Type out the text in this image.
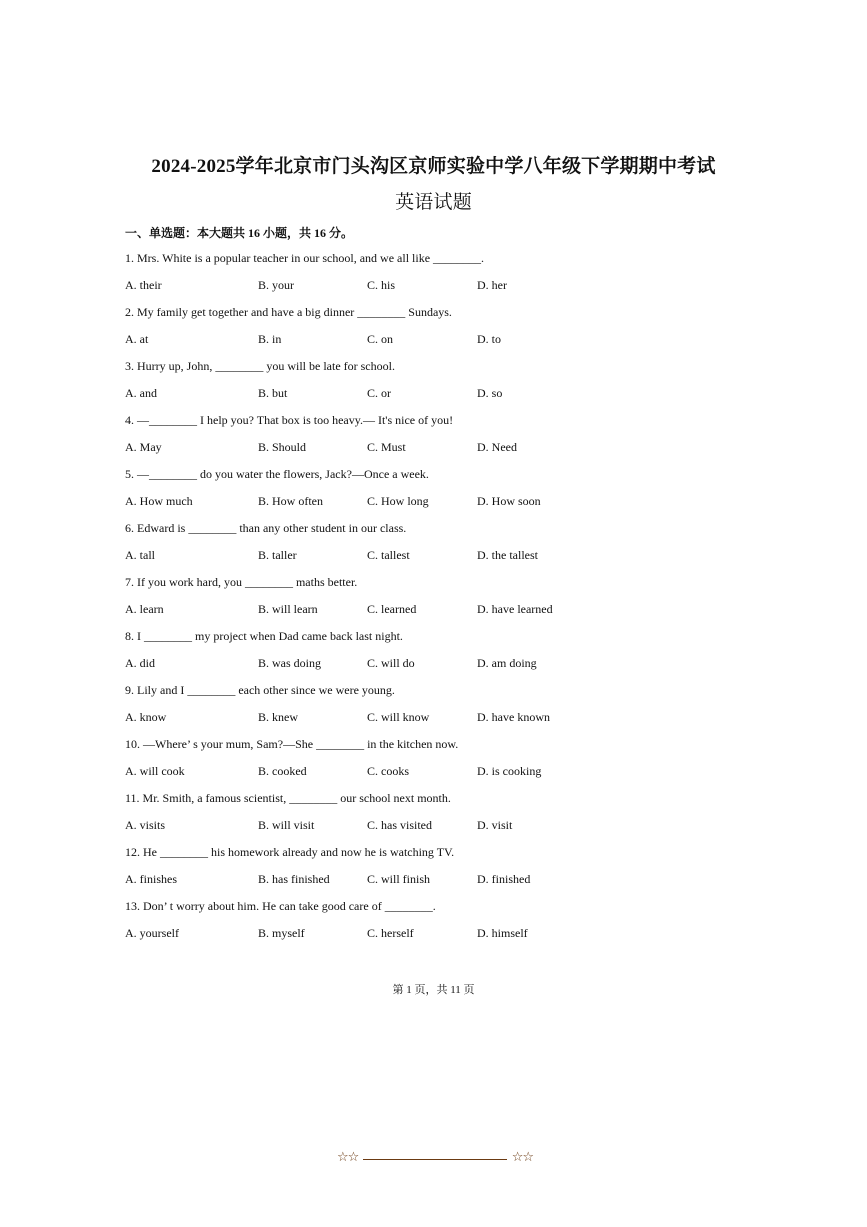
2024-2025学年北京市门头沟区京师实验中学八年级下学期期中考试
英语试题
一、单选题：本大题共 16 小题，共 16 分。
1. Mrs. White is a popular teacher in our school, and we all like ________.
A. their	B. your	C. his	D. her
2. My family get together and have a big dinner ________ Sundays.
A. at	B. in	C. on	D. to
3. Hurry up, John, ________ you will be late for school.
A. and	B. but	C. or	D. so
4. —________ I help you? That box is too heavy.— It's nice of you!
A. May	B. Should	C. Must	D. Need
5. —________ do you water the flowers, Jack?—Once a week.
A. How much	B. How often	C. How long	D. How soon
6. Edward is ________ than any other student in our class.
A. tall	B. taller	C. tallest	D. the tallest
7. If you work hard, you ________ maths better.
A. learn	B. will learn	C. learned	D. have learned
8. I ________ my project when Dad came back last night.
A. did	B. was doing	C. will do	D. am doing
9. Lily and I ________ each other since we were young.
A. know	B. knew	C. will know	D. have known
10. —Where’ s your mum, Sam?—She ________ in the kitchen now.
A. will cook	B. cooked	C. cooks	D. is cooking
11. Mr. Smith, a famous scientist, ________ our school next month.
A. visits	B. will visit	C. has visited	D. visit
12. He ________ his homework already and now he is watching TV.
A. finishes	B. has finished	C. will finish	D. finished
13. Don’ t worry about him. He can take good care of ________.
A. yourself	B. myself	C. herself	D. himself
第 1 页，共 11 页
☆☆	☆☆
